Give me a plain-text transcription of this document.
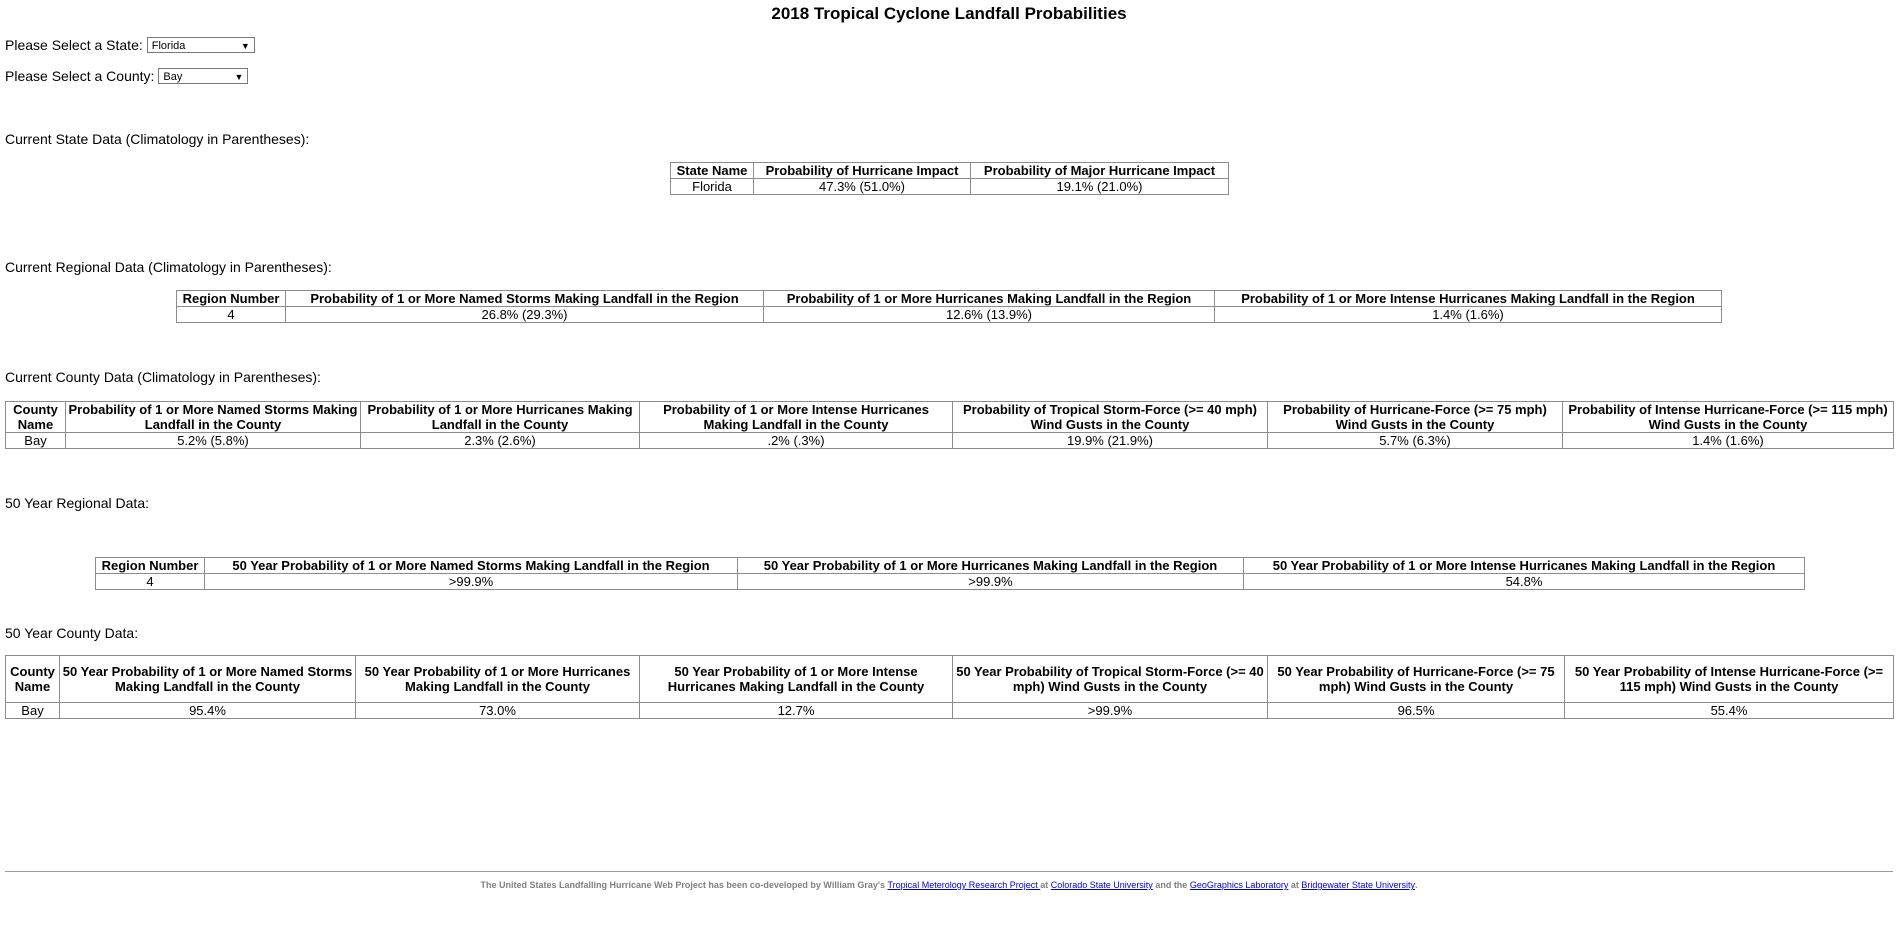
2018 Tropical Cyclone Landfall Probabilities
Please Select a State: Florida	▼
Please Select a County: Bay	▼
Current State Data (Climatology in Parentheses):
State Name	Probability of Hurricane Impact	Probability of Major Hurricane Impact
Florida	47.3% (51.0%)	19.1% (21.0%)
Current Regional Data (Climatology in Parentheses):
Region Number	Probability of 1 or More Named Storms Making Landfall in the Region	Probability of 1 or More Hurricanes Making Landfall in the Region	Probability of 1 or More Intense Hurricanes Making Landfall in the Region
4	26.8% (29.3%)	12.6% (13.9%)	1.4% (1.6%)
Current County Data (Climatology in Parentheses):
County Name	Probability of 1 or More Named Storms Making Landfall in the County	Probability of 1 or More Hurricanes Making Landfall in the County	Probability of 1 or More Intense Hurricanes Making Landfall in the County	Probability of Tropical Storm-Force (>= 40 mph) Wind Gusts in the County	Probability of Hurricane-Force (>= 75 mph) Wind Gusts in the County	Probability of Intense Hurricane-Force (>= 115 mph) Wind Gusts in the County
Bay	5.2% (5.8%)	2.3% (2.6%)	.2% (.3%)	19.9% (21.9%)	5.7% (6.3%)	1.4% (1.6%)
50 Year Regional Data:
Region Number	50 Year Probability of 1 or More Named Storms Making Landfall in the Region	50 Year Probability of 1 or More Hurricanes Making Landfall in the Region	50 Year Probability of 1 or More Intense Hurricanes Making Landfall in the Region
4	>99.9%	>99.9%	54.8%
50 Year County Data:
County Name	50 Year Probability of 1 or More Named Storms Making Landfall in the County	50 Year Probability of 1 or More Hurricanes Making Landfall in the County	50 Year Probability of 1 or More Intense Hurricanes Making Landfall in the County	50 Year Probability of Tropical Storm-Force (>= 40 mph) Wind Gusts in the County	50 Year Probability of Hurricane-Force (>= 75 mph) Wind Gusts in the County	50 Year Probability of Intense Hurricane-Force (>= 115 mph) Wind Gusts in the County
Bay	95.4%	73.0%	12.7%	>99.9%	96.5%	55.4%
The United States Landfalling Hurricane Web Project has been co-developed by William Gray's Tropical Meterology Research Project at Colorado State University and the GeoGraphics Laboratory at Bridgewater State University.
